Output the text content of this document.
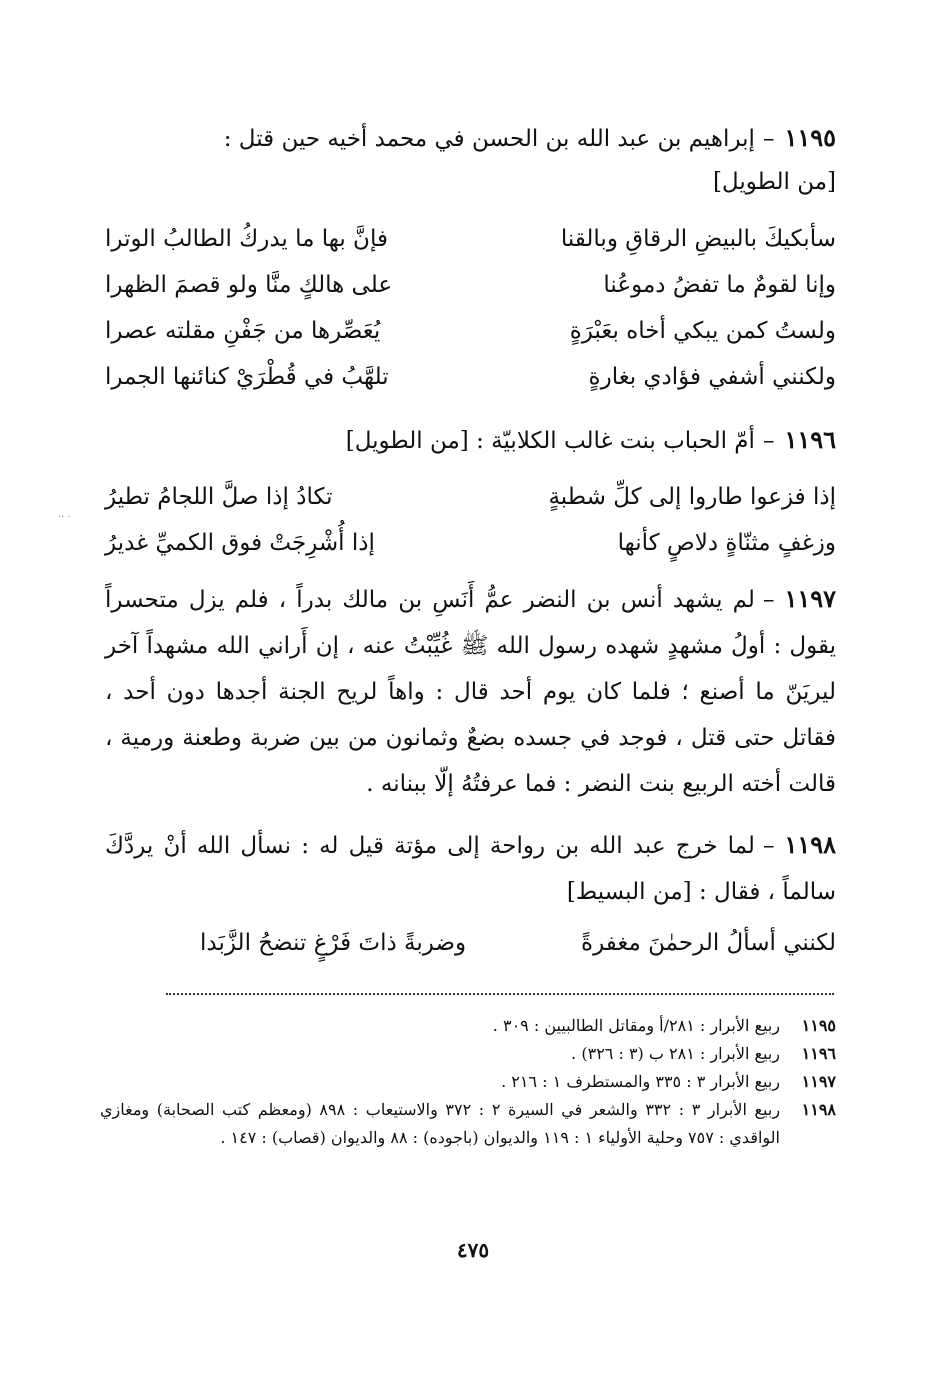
١١٩٥–إبراهيم بن عبد الله بن الحسن في محمد أخيه حين قتل :
[من الطويل]
سأبكيكَ بالبيضِ الرقاقِ وبالقنا
فإنَّ بها ما يدركُ الطالبُ الوترا
وإنا لقومٌ ما تفضُ دموعُنا
على هالكٍ منَّا ولو قصمَ الظهرا
ولستُ كمن يبكي أخاه بعَبْرَةٍ
يُعَصِّرها من جَفْنِ مقلته عصرا
ولكنني أشفي فؤادي بغارةٍ
تلهَّبُ في قُطْرَيْ كنائنها الجمرا
١١٩٦–أمّ الحباب بنت غالب الكلابيّة : [من الطويل]
إذا فزعوا طاروا إلى كلِّ شطبةٍ
تكادُ إذا صلَّ اللجامُ تطيرُ
وزغفٍ مثنّاةٍ دلاصٍ كأنها
إذا أُشْرِجَتْ فوق الكميِّ غديرُ
·· ·
١١٩٧–لم يشهد أنس بن النضر عمُّ أَنَسِ بن مالك بدراً ، فلم يزل متحسراً يقول : أولُ مشهدٍ شهده رسول الله ﷺ غُيِّبْتُ عنه ، إن أَراني الله مشهداً آخر ليريَنّ ما أصنع ؛ فلما كان يوم أحد قال : واهاً لريح الجنة أجدها دون أحد ، فقاتل حتى قتل ، فوجد في جسده بضعٌ وثمانون من بين ضربة وطعنة ورمية ، قالت أخته الربيع بنت النضر : فما عرفتُهُ إلّا ببنانه .
١١٩٨–لما خرج عبد الله بن رواحة إلى مؤتة قيل له : نسأل الله أنْ يردَّكَ سالماً ، فقال : [من البسيط]
لكنني أسألُ الرحمٰنَ مغفرةً
وضربةً ذاتَ فَرْغٍ تنضحُ الزَّبَدا
١١٩٥
ربيع الأبرار : ٢٨١/أ ومقاتل الطالبيين : ٣٠٩ .
١١٩٦
ربيع الأبرار : ٢٨١ ب (٣ : ٣٢٦) .
١١٩٧
ربيع الأبرار ٣ : ٣٣٥ والمستطرف ١ : ٢١٦ .
١١٩٨
ربيع الأبرار ٣ : ٣٣٢ والشعر في السيرة ٢ : ٣٧٢ والاستيعاب : ٨٩٨ (ومعظم كتب الصحابة) ومغازي الواقدي : ٧٥٧ وحلية الأولياء ١ : ١١٩ والديوان (باجوده) : ٨٨ والديوان (قصاب) : ١٤٧ .
٤٧٥
